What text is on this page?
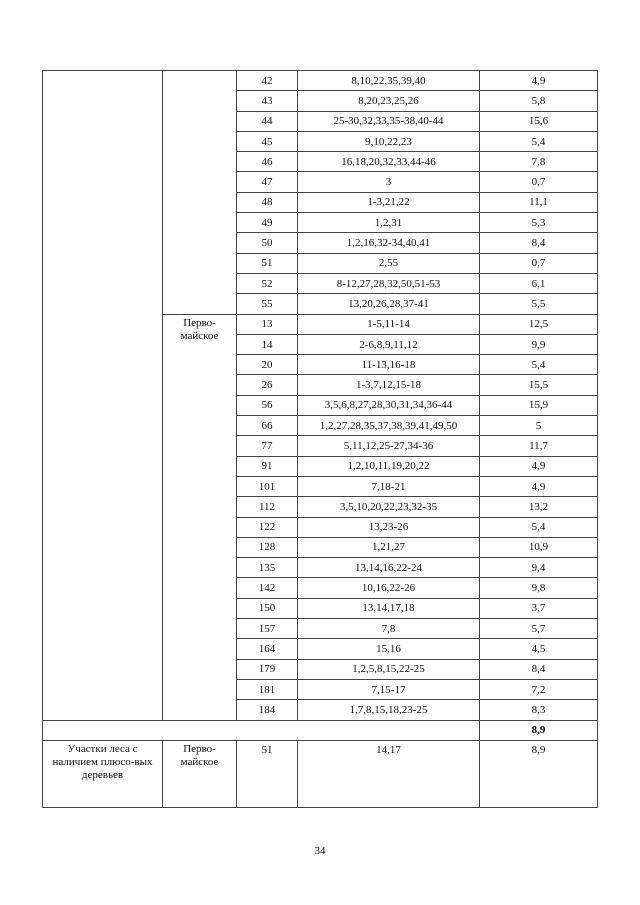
		42	8,10,22,35,39,40	4,9
		43	8,20,23,25,26	5,8
		44	25-30,32,33,35-38,40-44	15,6
		45	9,10,22,23	5,4
		46	16,18,20,32,33,44-46	7,8
		47	3	0,7
		48	1-3,21,22	11,1
		49	1,2,31	5,3
		50	1,2,16,32-34,40,41	8,4
		51	2,55	0,7
		52	8-12,27,28,32,50,51-53	6,1
		55	13,20,26,28,37-41	5,5
	Перво-майское	13	1-5,11-14	12,5
		14	2-6,8,9,11,12	9,9
		20	11-13,16-18	5,4
		26	1-3,7,12,15-18	15,5
		56	3,5,6,8,27,28,30,31,34,36-44	15,9
		66	1,2,27,28,35,37,38,39,41,49,50	5
		77	5,11,12,25-27,34-36	11,7
		91	1,2,10,11,19,20,22	4,9
		101	7,18-21	4,9
		112	3,5,10,20,22,23,32-35	13,2
		122	13,23-26	5,4
		128	1,21,27	10,9
		135	13,14,16,22-24	9,4
		142	10,16,22-26	9,8
		150	13,14,17,18	3,7
		157	7,8	5,7
		164	15,16	4,5
		179	1,2,5,8,15,22-25	8,4
		181	7,15-17	7,2
		184	1,7,8,15,18,23-25	8,3
				8,9
Участки леса с наличием плюсо-вых деревьев	Перво-майское	51	14,17	8,9
34
